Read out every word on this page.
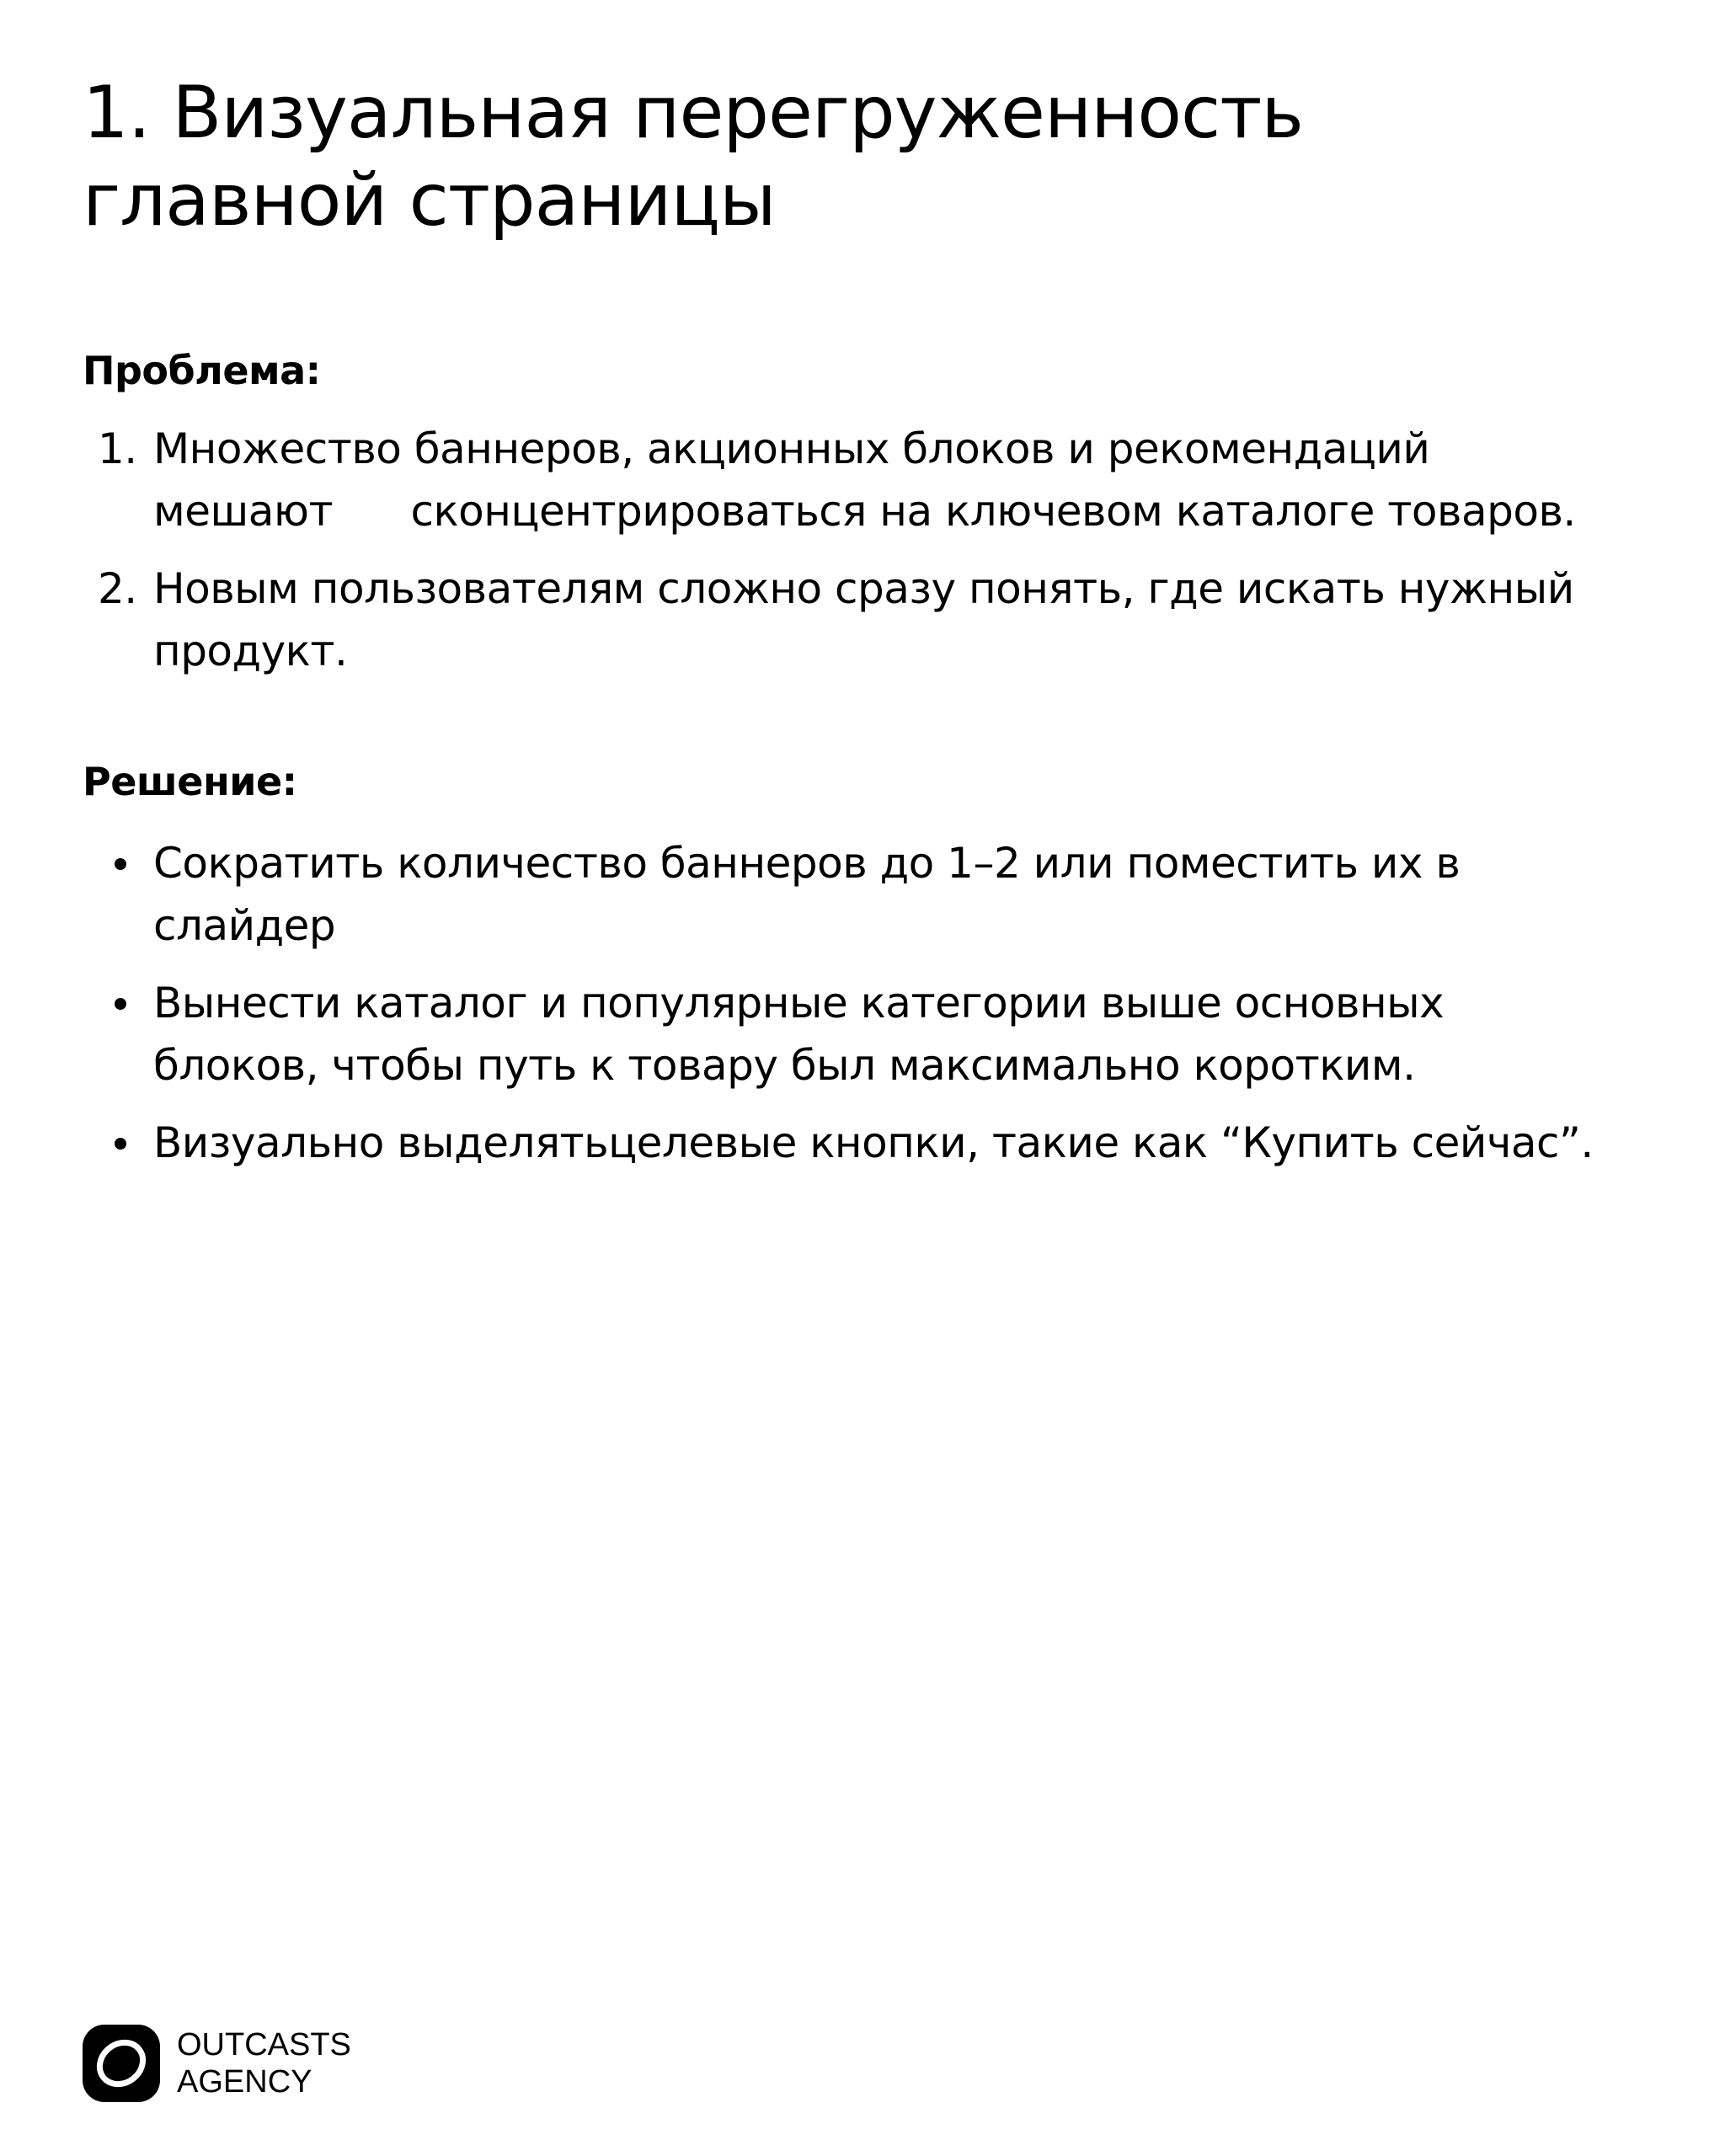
1. Визуальная перегруженность
главной страницы
Проблема:
1. Множество баннеров, акционных блоков и рекомендаций
мешают      сконцентрироваться на ключевом каталоге товаров.
2. Новым пользователям сложно сразу понять, где искать нужный
продукт.
Решение:
Сократить количество баннеров до 1–2 или поместить их в
слайдер
Вынести каталог и популярные категории выше основных
блоков, чтобы путь к товару был максимально коротким.
Визуально выделятьцелевые кнопки, такие как “Купить сейчас”.
OUTCASTS
AGENCY
